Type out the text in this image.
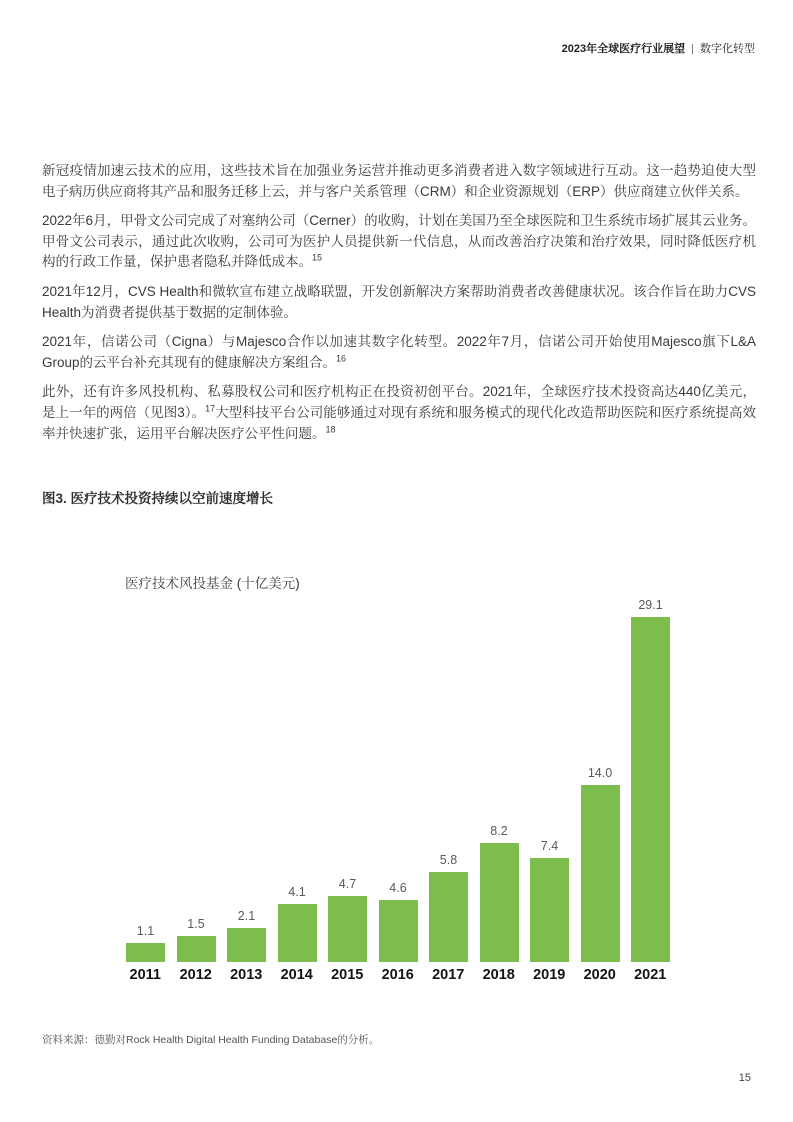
2023年全球医疗行业展望 | 数字化转型

新冠疫情加速云技术的应用，这些技术旨在加强业务运营并推动更多消费者进入数字领域进行互动。这一趋势迫使大型电子病历供应商将其产品和服务迁移上云，并与客户关系管理（CRM）和企业资源规划（ERP）供应商建立伙伴关系。

2022年6月，甲骨文公司完成了对塞纳公司（Cerner）的收购，计划在美国乃至全球医院和卫生系统市场扩展其云业务。甲骨文公司表示，通过此次收购，公司可为医护人员提供新一代信息，从而改善治疗决策和治疗效果，同时降低医疗机构的行政工作量，保护患者隐私并降低成本。$^{15}$

2021年12月，CVS Health和微软宣布建立战略联盟，开发创新解决方案帮助消费者改善健康状况。该合作旨在助力CVS Health为消费者提供基于数据的定制体验。

2021年，信诺公司（Cigna）与Majesco合作以加速其数字化转型。2022年7月，信诺公司开始使用Majesco旗下L&A Group的云平台补充其现有的健康解决方案组合。$^{16}$

此外，还有许多风投机构、私募股权公司和医疗机构正在投资初创平台。2021年，全球医疗技术投资高达440亿美元，是上一年的两倍（见图3）。$^{17}$大型科技平台公司能够通过对现有系统和服务模式的现代化改造帮助医院和医疗系统提高效率并快速扩张，运用平台解决医疗公平性问题。$^{18}$

图3. 医疗技术投资持续以空前速度增长
医疗技术风投基金 (十亿美元)
1.1	1.5
2.1
4.1
4.7	4.6
5.8
8.2
7.4
14.0
29.1
2011	2012	2013	2014	2015	2016	2017	2018	2019	2020	2021
资料来源：德勤对Rock Health Digital Health Funding Database的分析。
15
